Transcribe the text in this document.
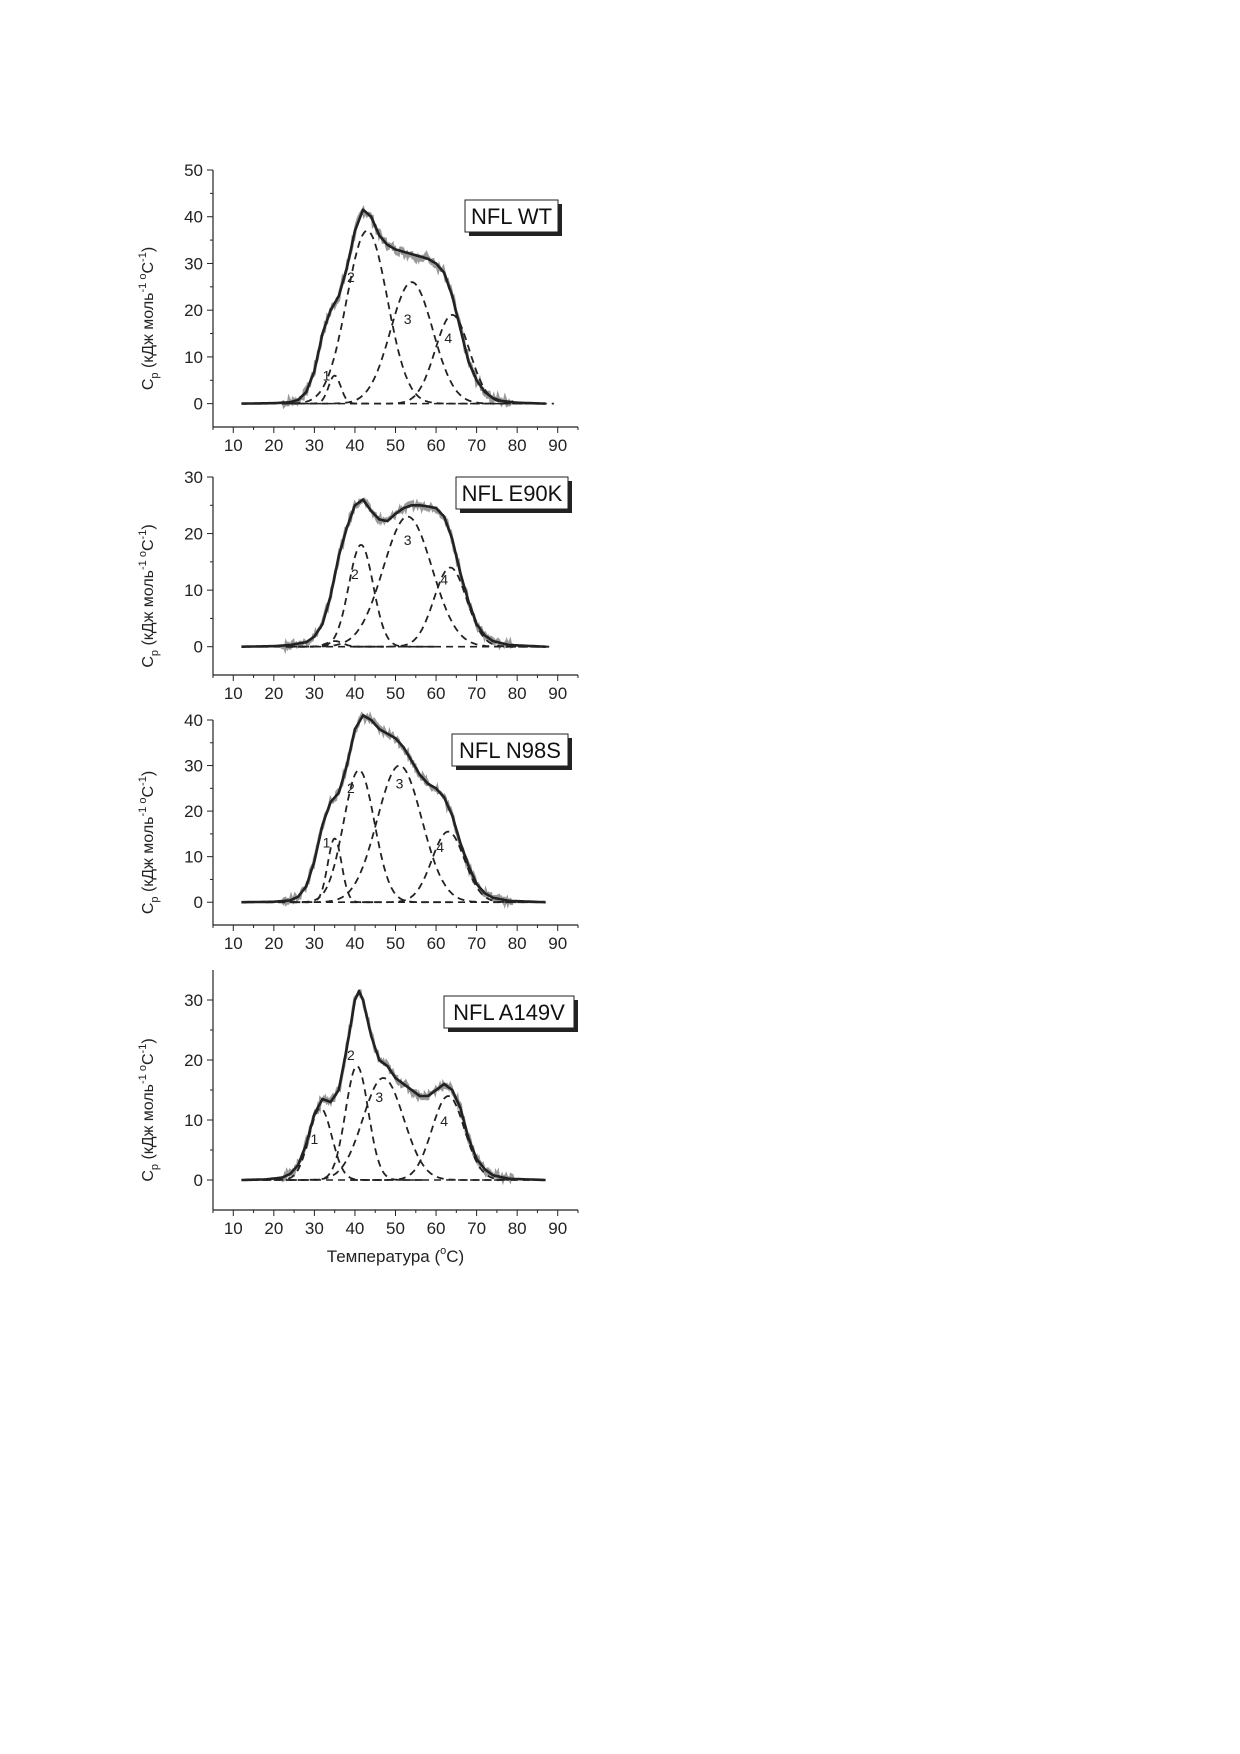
0
10
20
30
40
50
10 20 30 40 50 60 70 80 90
$C_p$ (кДж моль$^{-1}$ $oC^{-1}$)
1
2
3
4
NFL WT
0
10
20
30
10 20 30 40 50 60 70 80 90
$C_p$ (кДж моль$^{-1}$ $oC^{-1}$)
2
3
4
NFL E90K
0
10
20
30
40
10 20 30 40 50 60 70 80 90
$C_p$ (кДж моль$^{-1}$ $oC^{-1}$)
1
2	3
4
NFL N98S
0
10
20
30
10 20 30 40 50 60 70 80 90
$C_p$ (кДж моль$^{-1}$ $oC^{-1}$)
Температура ($^o$C)
1
2
3
4
NFL A149V
